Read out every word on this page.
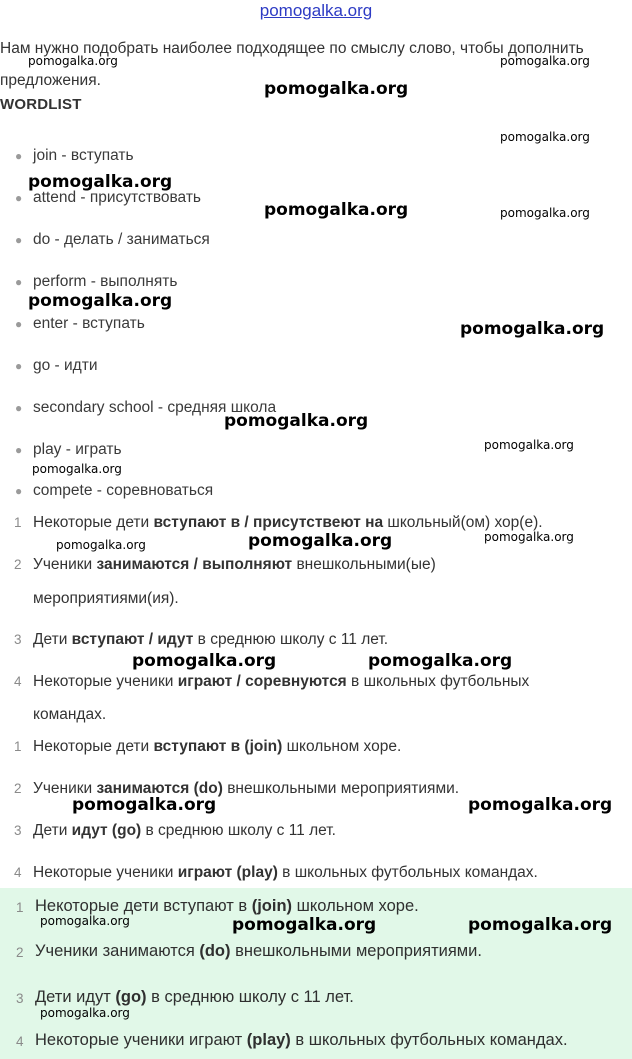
pomogalka.org
Нам нужно подобрать наиболее подходящее по смыслу слово, чтобы дополнить предложения.
WORDLIST
● join - вступать
● attend - присутствовать
● do - делать / заниматься
● perform - выполнять
● enter - вступать
● go - идти
● secondary school - средняя школа
● play - играть
● compete - соревноваться
1 Некоторые дети вступают в / присутствеют на школьный(ом) хор(е).
2 Ученики занимаются / выполняют внешкольными(ые)
мероприятиями(ия).
3 Дети вступают / идут в среднюю школу с 11 лет.
4 Некоторые ученики играют / соревнуются в школьных футбольных
командах.
1 Некоторые дети вступают в (join) школьном хоре.
2 Ученики занимаются (do) внешкольными мероприятиями.
3 Дети идут (go) в среднюю школу с 11 лет.
4 Некоторые ученики играют (play) в школьных футбольных командах.
1 Некоторые дети вступают в (join) школьном хоре.
2 Ученики занимаются (do) внешкольными мероприятиями.
3 Дети идут (go) в среднюю школу с 11 лет.
4 Некоторые ученики играют (play) в школьных футбольных командах.
pomogalka.org	pomogalka.org
pomogalka.org
pomogalka.org
pomogalka.org
pomogalka.org	pomogalka.org
pomogalka.org
pomogalka.org
pomogalka.org
pomogalka.org
pomogalka.org
pomogalka.org
pomogalka.org
pomogalka.org
pomogalka.org	pomogalka.org
pomogalka.org	pomogalka.org
pomogalka.org	pomogalka.org	pomogalka.org
pomogalka.org
